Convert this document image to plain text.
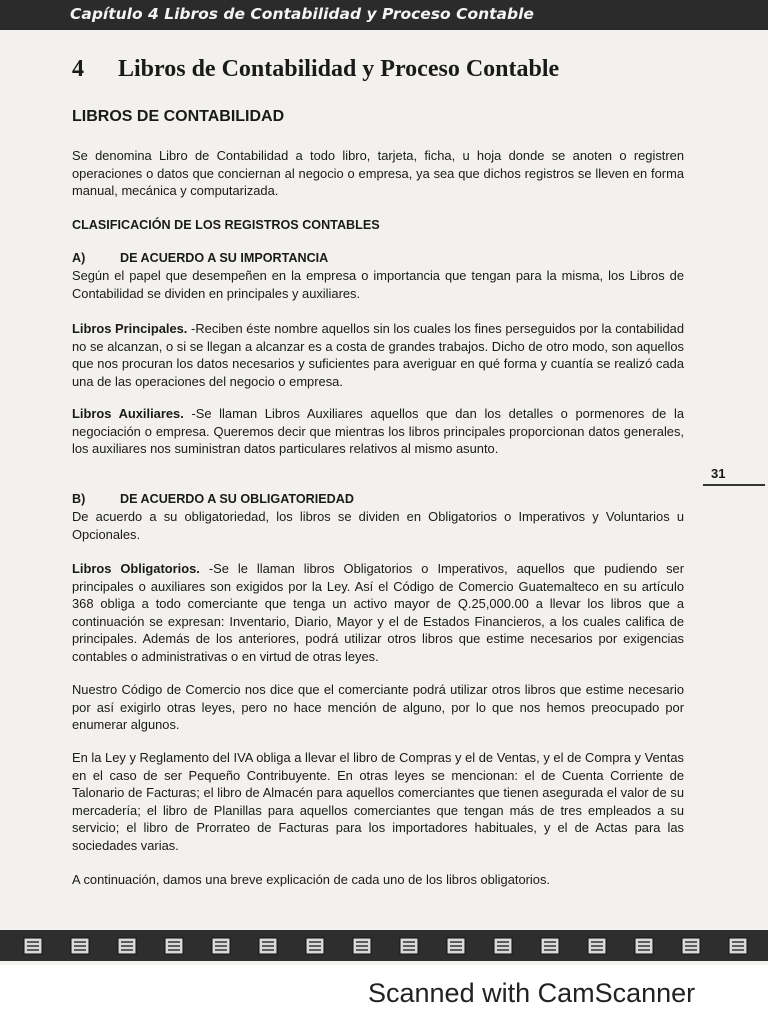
Capítulo 4 Libros de Contabilidad y Proceso Contable
4 Libros de Contabilidad y Proceso Contable
LIBROS DE CONTABILIDAD
Se denomina Libro de Contabilidad a todo libro, tarjeta, ficha, u hoja donde se anoten o registren operaciones o datos que conciernan al negocio o empresa, ya sea que dichos registros se lleven en forma manual, mecánica y computarizada.
CLASIFICACIÓN DE LOS REGISTROS CONTABLES
A)	DE ACUERDO A SU IMPORTANCIA
Según el papel que desempeñen en la empresa o importancia que tengan para la misma, los Libros de Contabilidad se dividen en principales y auxiliares.
Libros Principales. -Reciben éste nombre aquellos sin los cuales los fines perseguidos por la contabilidad no se alcanzan, o si se llegan a alcanzar es a costa de grandes trabajos. Dicho de otro modo, son aquellos que nos procuran los datos necesarios y suficientes para averiguar en qué forma y cuantía se realizó cada una de las operaciones del negocio o empresa.
Libros Auxiliares. -Se llaman Libros Auxiliares aquellos que dan los detalles o pormenores de la negociación o empresa. Queremos decir que mientras los libros principales proporcionan datos generales, los auxiliares nos suministran datos particulares relativos al mismo asunto.
B)	DE ACUERDO A SU OBLIGATORIEDAD
De acuerdo a su obligatoriedad, los libros se dividen en Obligatorios o Imperativos y Voluntarios u Opcionales.
Libros Obligatorios. -Se le llaman libros Obligatorios o Imperativos, aquellos que pudiendo ser principales o auxiliares son exigidos por la Ley. Así el Código de Comercio Guatemalteco en su artículo 368 obliga a todo comerciante que tenga un activo mayor de Q.25,000.00 a llevar los libros que a continuación se expresan: Inventario, Diario, Mayor y el de Estados Financieros, a los cuales califica de principales. Además de los anteriores, podrá utilizar otros libros que estime necesarios por exigencias contables o administrativas o en virtud de otras leyes.
Nuestro Código de Comercio nos dice que el comerciante podrá utilizar otros libros que estime necesario por así exigirlo otras leyes, pero no hace mención de alguno, por lo que nos hemos preocupado por enumerar algunos.
En la Ley y Reglamento del IVA obliga a llevar el libro de Compras y el de Ventas, y el de Compra y Ventas en el caso de ser Pequeño Contribuyente. En otras leyes se mencionan: el de Cuenta Corriente de Talonario de Facturas; el libro de Almacén para aquellos comerciantes que tienen asegurada el valor de su mercadería; el libro de Planillas para aquellos comerciantes que tengan más de tres empleados a su servicio; el libro de Prorrateo de Facturas para los importadores habituales, y el de Actas para las sociedades varias.
A continuación, damos una breve explicación de cada uno de los libros obligatorios.
31
Scanned with CamScanner
